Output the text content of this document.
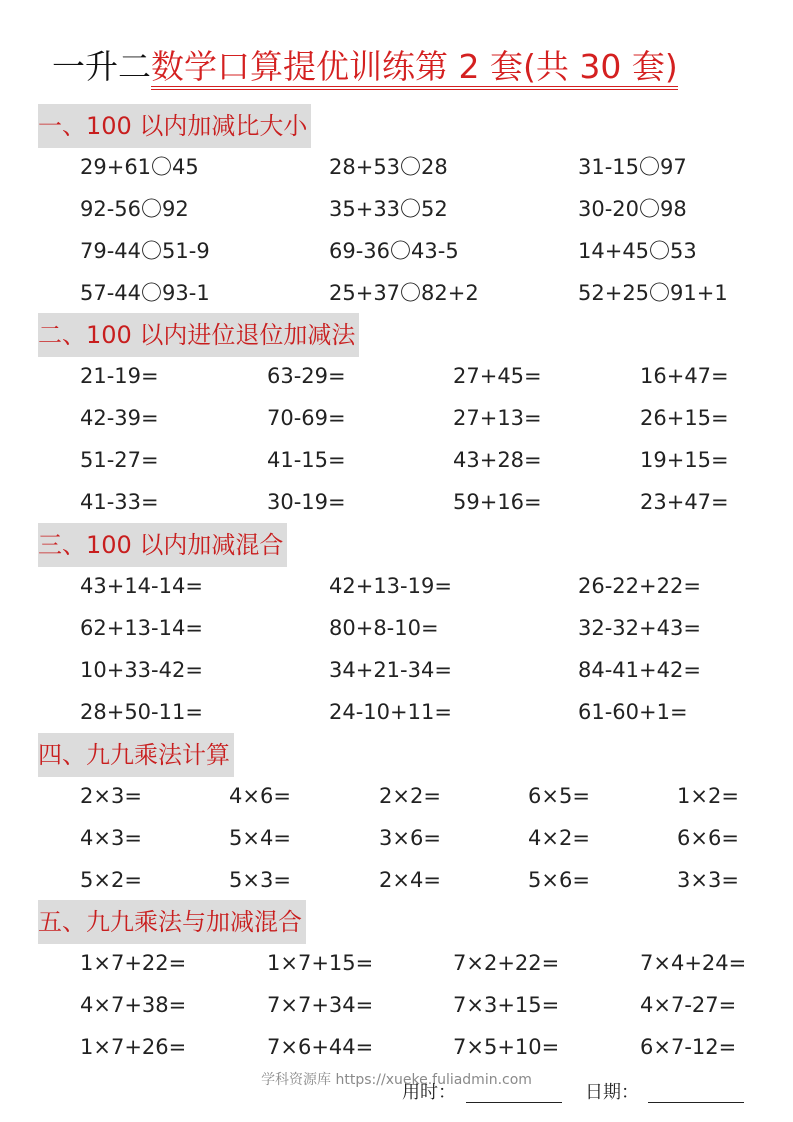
一升二数学口算提优训练第 2 套(共 30 套)
一、100 以内加减比大小
29+61〇45	28+53〇28	31-15〇97
92-56〇92	35+33〇52	30-20〇98
79-44〇51-9	69-36〇43-5	14+45〇53
57-44〇93-1	25+37〇82+2	52+25〇91+1
二、100 以内进位退位加减法
21-19=	63-29=	27+45=	16+47=
42-39=	70-69=	27+13=	26+15=
51-27=	41-15=	43+28=	19+15=
41-33=	30-19=	59+16=	23+47=
三、100 以内加减混合
43+14-14=	42+13-19=	26-22+22=
62+13-14=	80+8-10=	32-32+43=
10+33-42=	34+21-34=	84-41+42=
28+50-11=	24-10+11=	61-60+1=
四、九九乘法计算
2×3=	4×6=	2×2=	6×5=	1×2=
4×3=	5×4=	3×6=	4×2=	6×6=
5×2=	5×3=	2×4=	5×6=	3×3=
五、九九乘法与加减混合
1×7+22=	1×7+15=	7×2+22=	7×4+24=
4×7+38=	7×7+34=	7×3+15=	4×7-27=
1×7+26=	7×6+44=	7×5+10=	6×7-12=
学科资源库 https://xueke.fuliadmin.com
用时：	日期：
